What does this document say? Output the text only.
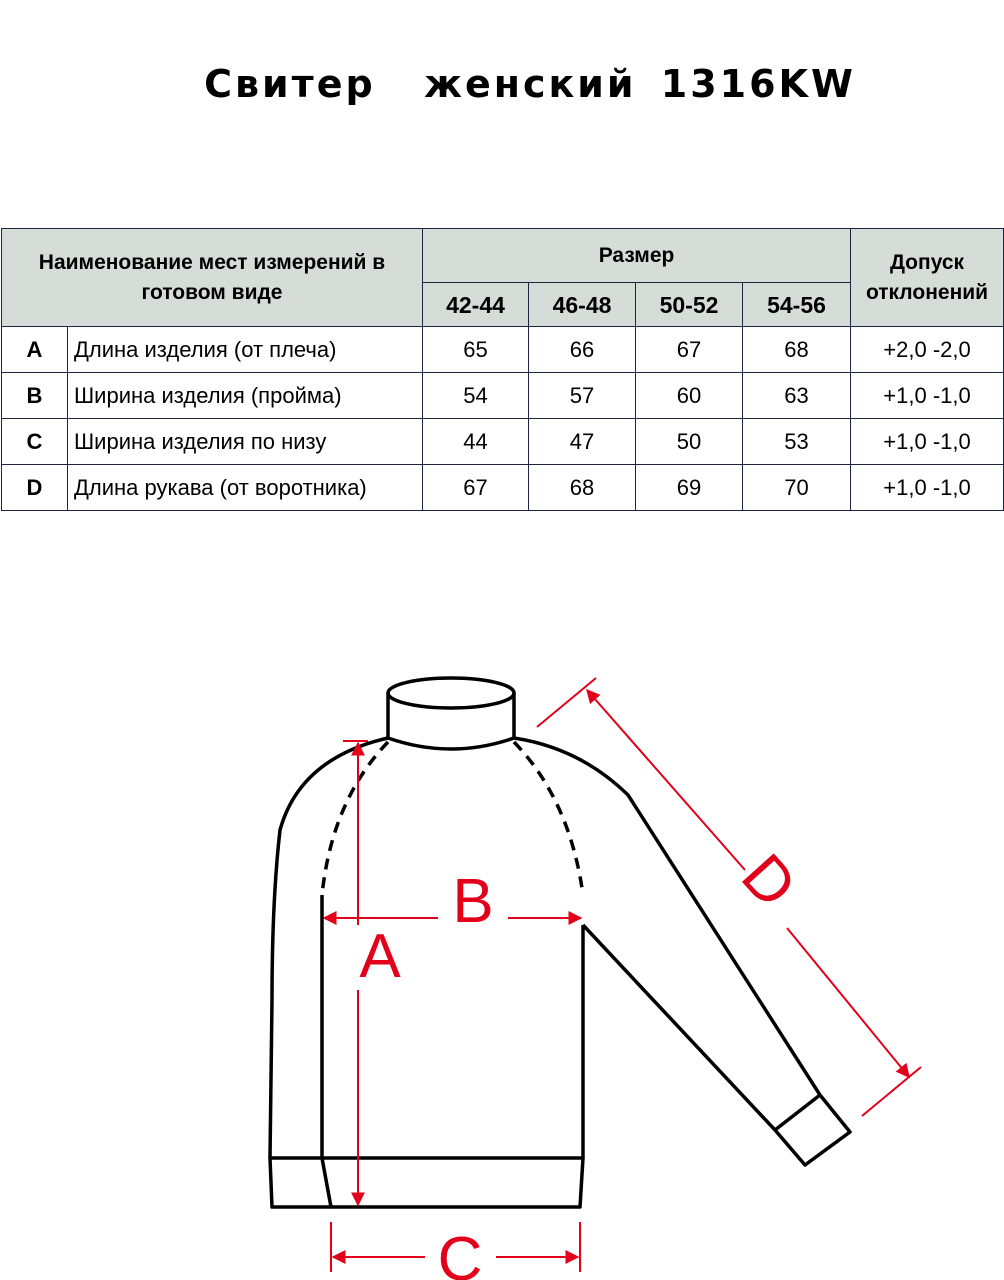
Свитер  женский 1316KW
Наименование мест измерений в готовом виде		Размер				Допуск отклонений
		42-44	46-48	50-52	54-56	
A	Длина изделия (от плеча)	65	66	67	68	+2,0 -2,0
B	Ширина изделия (пройма)	54	57	60	63	+1,0 -1,0
C	Ширина изделия по низу	44	47	50	53	+1,0 -1,0
D	Длина рукава (от воротника)	67	68	69	70	+1,0 -1,0
A
B
C
D
